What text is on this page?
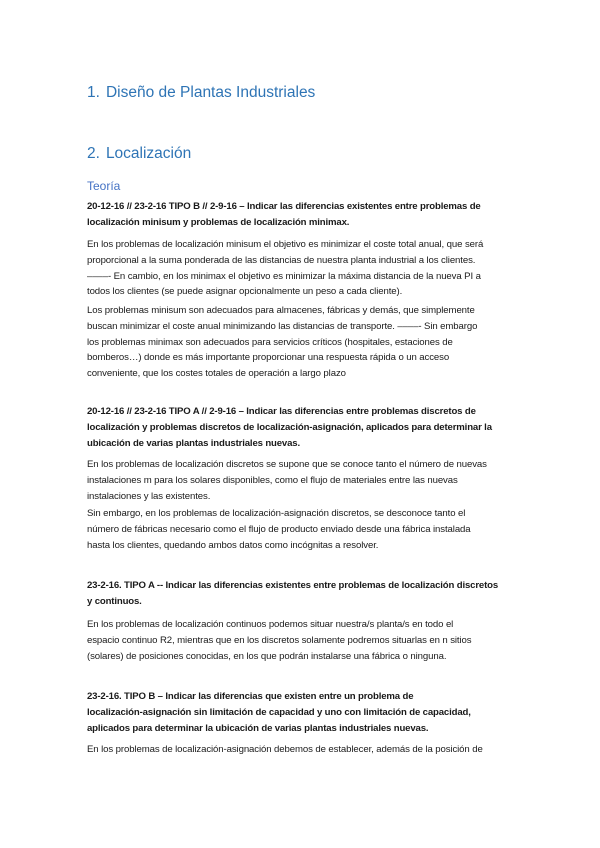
1. Diseño de Plantas Industriales
2. Localización
Teoría
20-12-16 // 23-2-16 TIPO B // 2-9-16 – Indicar las diferencias existentes entre problemas de
localización minisum y problemas de localización minimax.
En los problemas de localización minisum el objetivo es minimizar el coste total anual, que será
proporcional a la suma ponderada de las distancias de nuestra planta industrial a los clientes.
––––- En cambio, en los minimax el objetivo es minimizar la máxima distancia de la nueva PI a
todos los clientes (se puede asignar opcionalmente un peso a cada cliente).
Los problemas minisum son adecuados para almacenes, fábricas y demás, que simplemente
buscan minimizar el coste anual minimizando las distancias de transporte. ––––- Sin embargo
los problemas minimax son adecuados para servicios críticos (hospitales, estaciones de
bomberos…) donde es más importante proporcionar una respuesta rápida o un acceso
conveniente, que los costes totales de operación a largo plazo
20-12-16 // 23-2-16 TIPO A // 2-9-16 – Indicar las diferencias entre problemas discretos de
localización y problemas discretos de localización-asignación, aplicados para determinar la
ubicación de varias plantas industriales nuevas.
En los problemas de localización discretos se supone que se conoce tanto el número de nuevas
instalaciones m para los solares disponibles, como el flujo de materiales entre las nuevas
instalaciones y las existentes.
Sin embargo, en los problemas de localización-asignación discretos, se desconoce tanto el
número de fábricas necesario como el flujo de producto enviado desde una fábrica instalada
hasta los clientes, quedando ambos datos como incógnitas a resolver.
23-2-16. TIPO A -- Indicar las diferencias existentes entre problemas de localización discretos
y continuos.
En los problemas de localización continuos podemos situar nuestra/s planta/s en todo el
espacio continuo R2, mientras que en los discretos solamente podremos situarlas en n sitios
(solares) de posiciones conocidas, en los que podrán instalarse una fábrica o ninguna.
23-2-16. TIPO B – Indicar las diferencias que existen entre un problema de
localización-asignación sin limitación de capacidad y uno con limitación de capacidad,
aplicados para determinar la ubicación de varias plantas industriales nuevas.
En los problemas de localización-asignación debemos de establecer, además de la posición de
